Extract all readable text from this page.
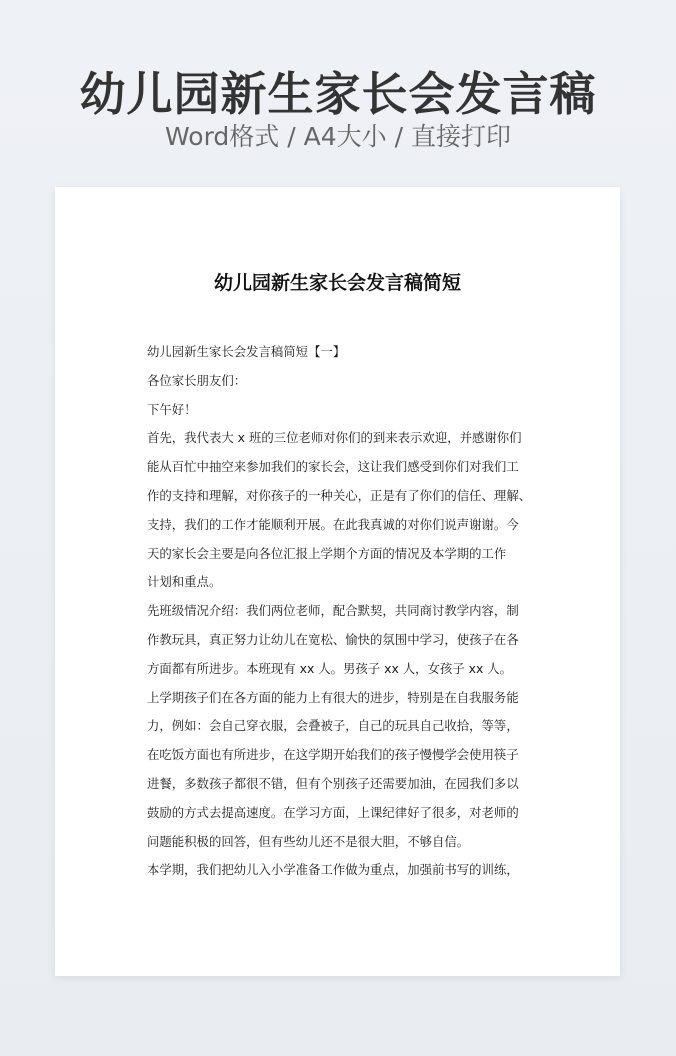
幼儿园新生家长会发言稿
Word格式 / A4大小 / 直接打印
幼儿园新生家长会发言稿简短
幼儿园新生家长会发言稿简短【一】
各位家长朋友们：
下午好！
首先，我代表大 x 班的三位老师对你们的到来表示欢迎，并感谢你们
能从百忙中抽空来参加我们的家长会，这让我们感受到你们对我们工
作的支持和理解，对你孩子的一种关心，正是有了你们的信任、理解、
支持，我们的工作才能顺利开展。在此我真诚的对你们说声谢谢。今
天的家长会主要是向各位汇报上学期个方面的情况及本学期的工作
计划和重点。
先班级情况介绍：我们两位老师，配合默契，共同商讨教学内容，制
作教玩具，真正努力让幼儿在宽松、愉快的氛围中学习，使孩子在各
方面都有所进步。本班现有 xx 人。男孩子 xx 人，女孩子 xx 人。
上学期孩子们在各方面的能力上有很大的进步，特别是在自我服务能
力，例如：会自己穿衣服，会叠被子，自己的玩具自己收拾，等等，
在吃饭方面也有所进步，在这学期开始我们的孩子慢慢学会使用筷子
进餐，多数孩子都很不错，但有个别孩子还需要加油，在园我们多以
鼓励的方式去提高速度。在学习方面，上课纪律好了很多，对老师的
问题能积极的回答，但有些幼儿还不是很大胆，不够自信。
本学期，我们把幼儿入小学准备工作做为重点，加强前书写的训练，
